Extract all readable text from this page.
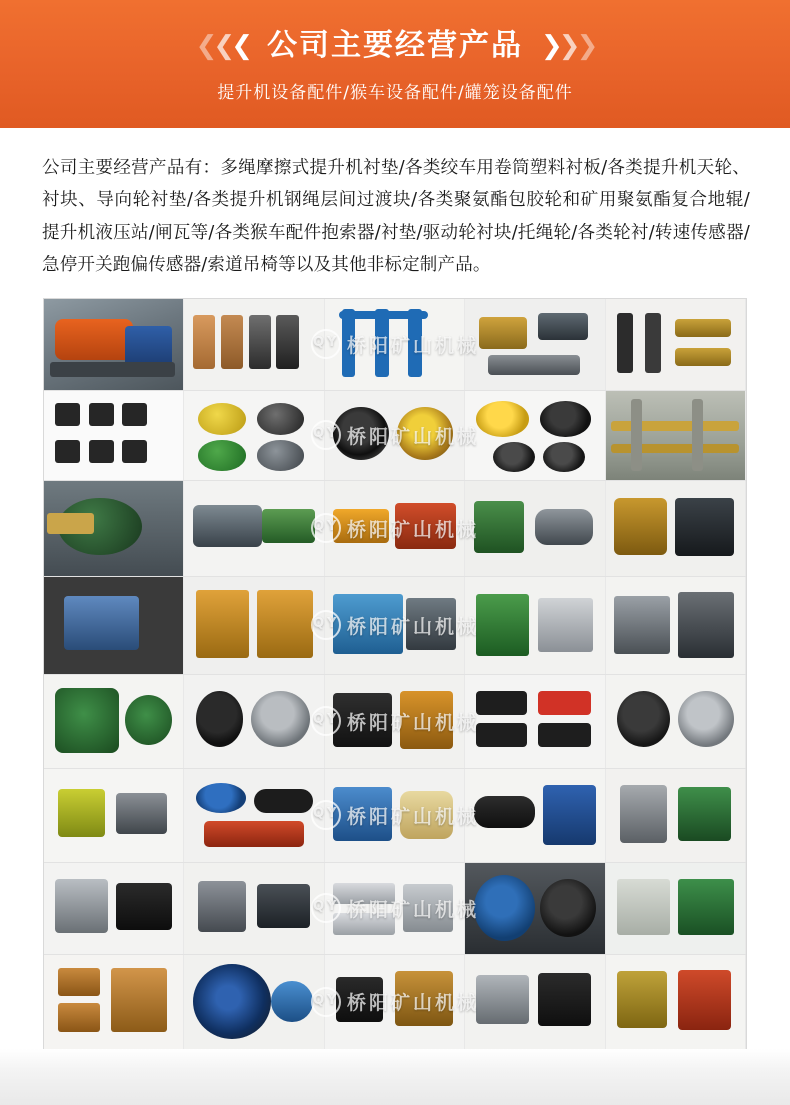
❮❮❮ 公司主要经营产品 ❯❯❯
提升机设备配件/猴车设备配件/罐笼设备配件
公司主要经营产品有：多绳摩擦式提升机衬垫/各类绞车用卷筒塑料衬板/各类提升机天轮、衬块、导向轮衬垫/各类提升机钢绳层间过渡块/各类聚氨酯包胶轮和矿用聚氨酯复合地辊/提升机液压站/闸瓦等/各类猴车配件抱索器/衬垫/驱动轮衬块/托绳轮/各类轮衬/转速传感器/急停开关跑偏传感器/索道吊椅等以及其他非标定制产品。
QY 桥阳矿山机械
QY 桥阳矿山机械
QY 桥阳矿山机械
QY 桥阳矿山机械
QY 桥阳矿山机械
QY 桥阳矿山机械
QY 桥阳矿山机械
QY 桥阳矿山机械
